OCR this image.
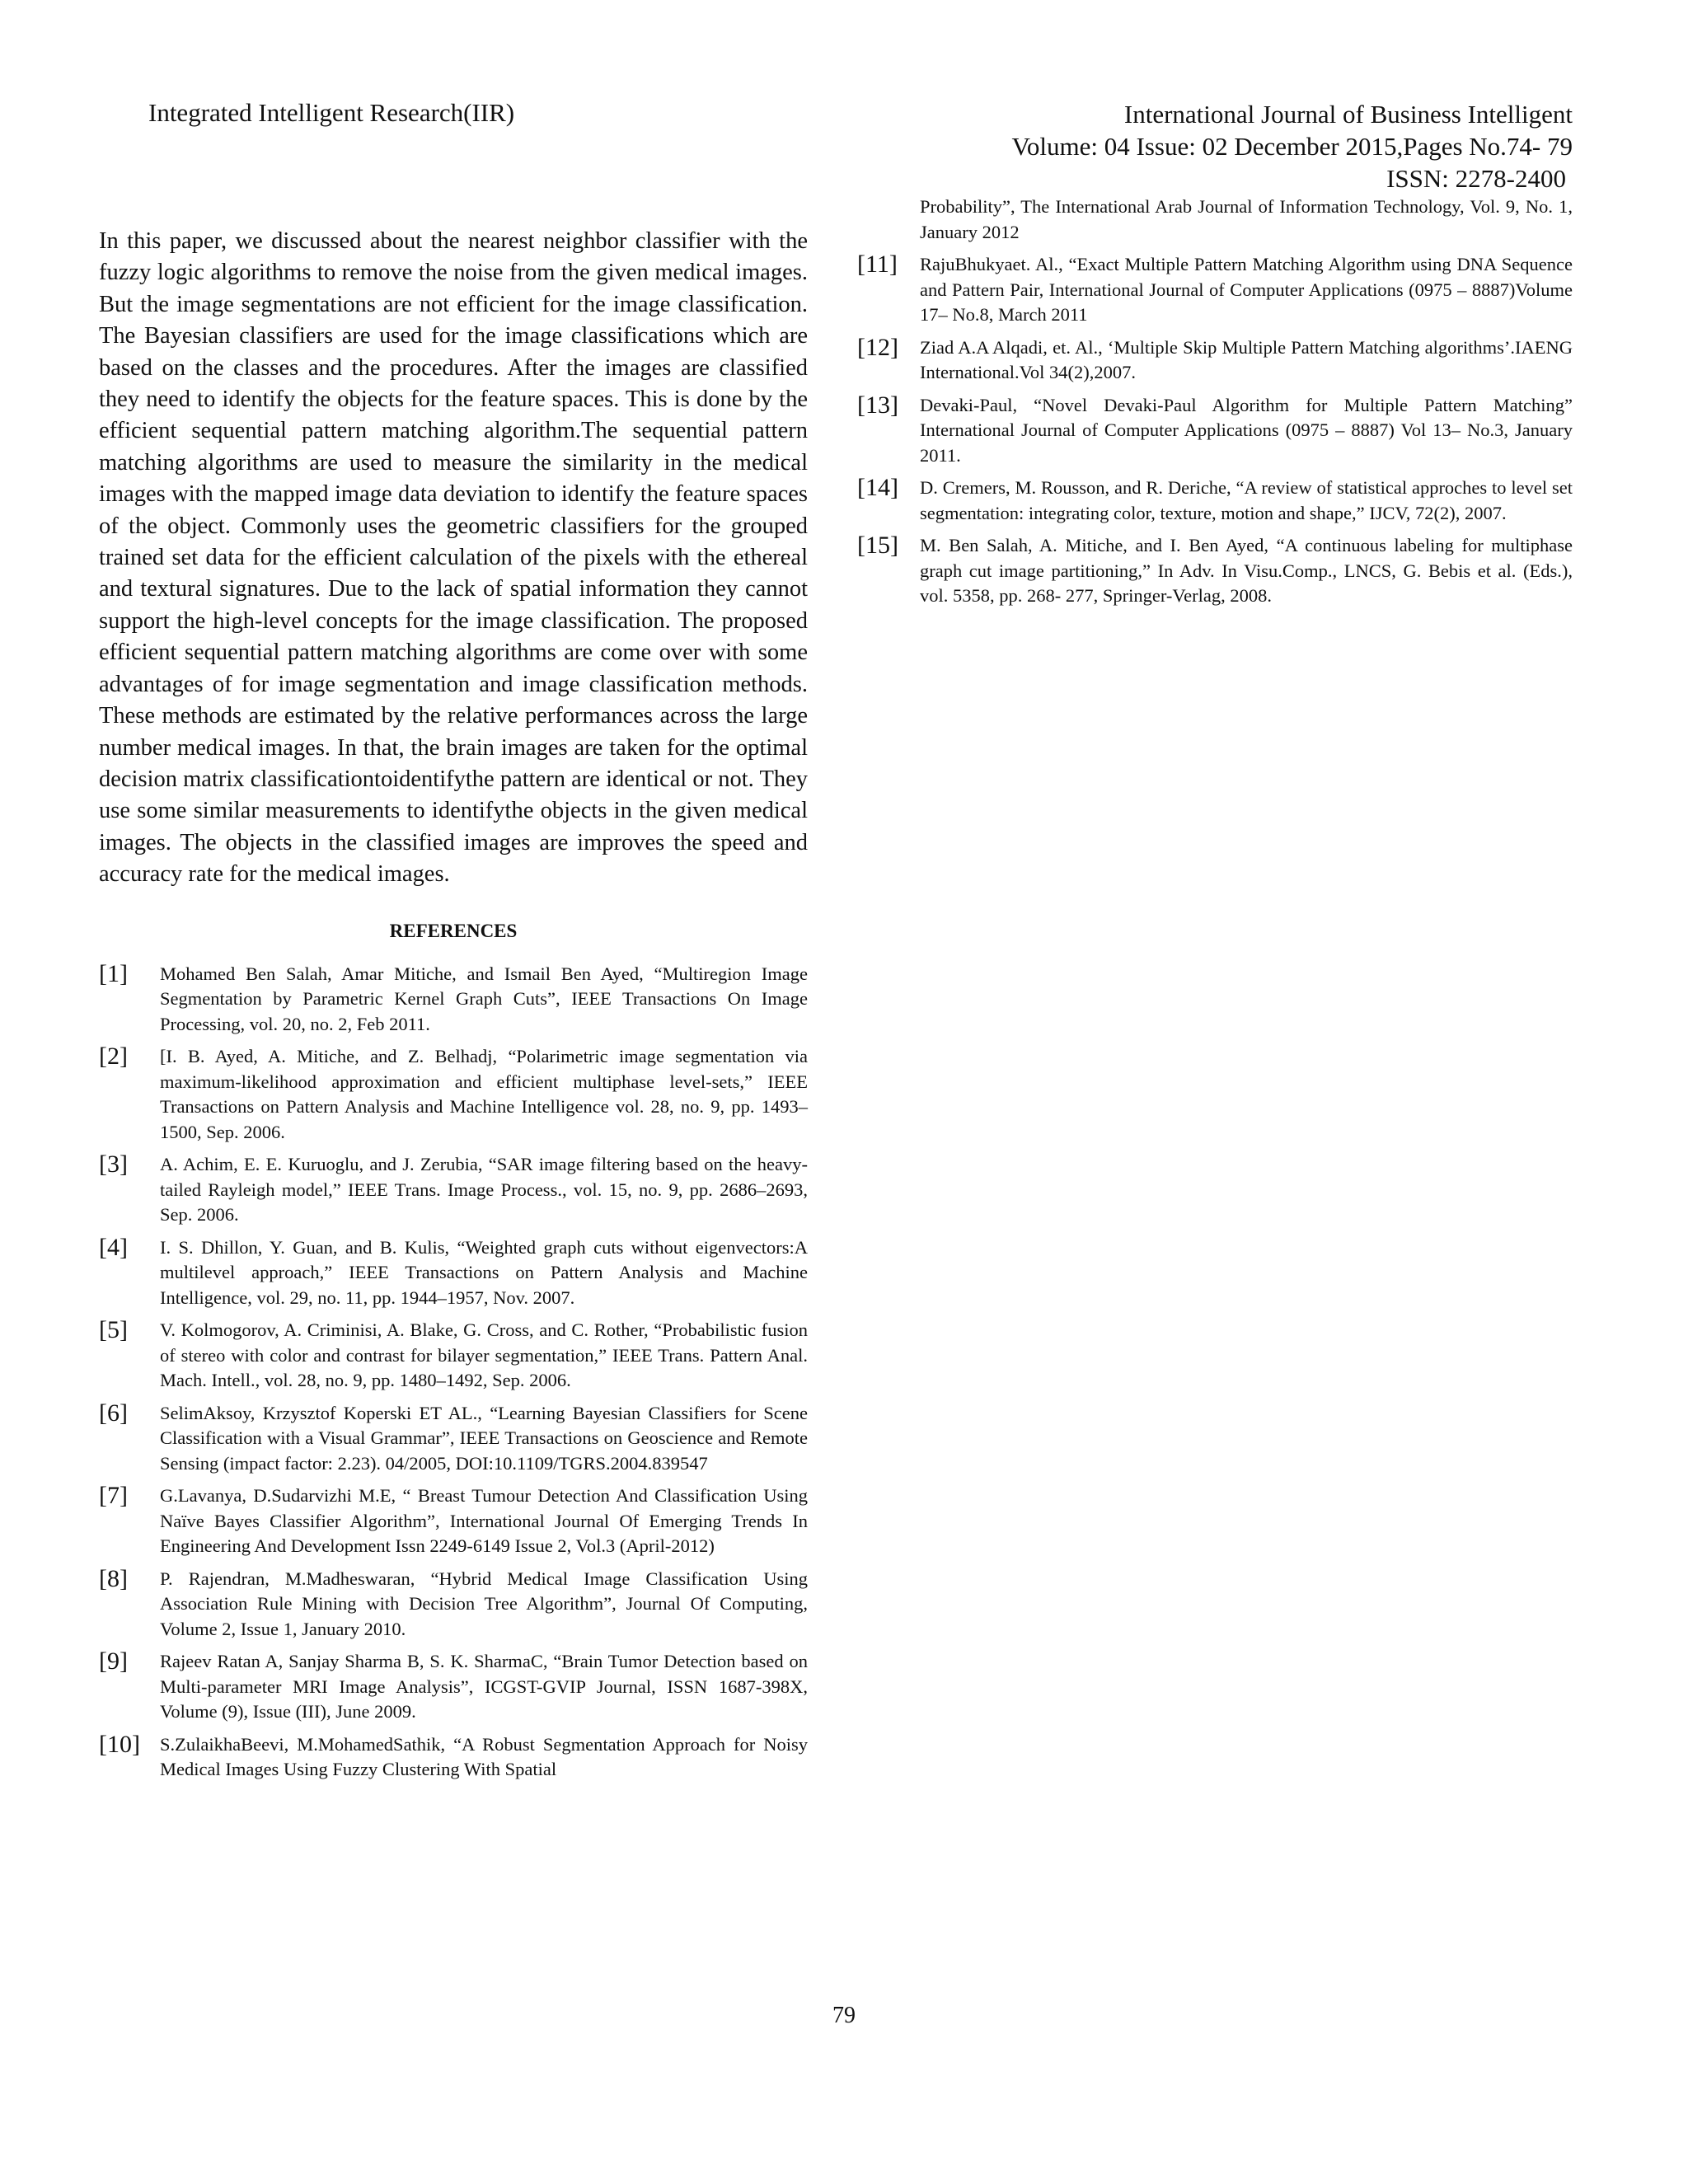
Integrated Intelligent Research(IIR)	International Journal of Business Intelligent
Volume: 04 Issue: 02 December 2015,Pages No.74- 79
ISSN: 2278-2400

In this paper, we discussed about the nearest neighbor classifier with the fuzzy logic algorithms to remove the noise from the given medical images. But the image segmentations are not efficient for the image classification. The Bayesian classifiers are used for the image classifications which are based on the classes and the procedures. After the images are classified they need to identify the objects for the feature spaces. This is done by the efficient sequential pattern matching algorithm.The sequential pattern matching algorithms are used to measure the similarity in the medical images with the mapped image data deviation to identify the feature spaces of the object. Commonly uses the geometric classifiers for the grouped trained set data for the efficient calculation of the pixels with the ethereal and textural signatures. Due to the lack of spatial information they cannot support the high-level concepts for the image classification. The proposed efficient sequential pattern matching algorithms are come over with some advantages of for image segmentation and image classification methods. These methods are estimated by the relative performances across the large number medical images. In that, the brain images are taken for the optimal decision matrix classificationtoidentifythe pattern are identical or not. They use some similar measurements to identifythe objects in the given medical images. The objects in the classified images are improves the speed and accuracy rate for the medical images.

REFERENCES
[1]	Mohamed Ben Salah, Amar Mitiche, and Ismail Ben Ayed, “Multiregion Image Segmentation by Parametric Kernel Graph Cuts”, IEEE Transactions On Image Processing, vol. 20, no. 2, Feb 2011.
[2]	[I. B. Ayed, A. Mitiche, and Z. Belhadj, “Polarimetric image segmentation via maximum-likelihood approximation and efficient multiphase level-sets,” IEEE Transactions on Pattern Analysis and Machine Intelligence vol. 28, no. 9, pp. 1493–1500, Sep. 2006.
[3]	A. Achim, E. E. Kuruoglu, and J. Zerubia, “SAR image filtering based on the heavy-tailed Rayleigh model,” IEEE Trans. Image Process., vol. 15, no. 9, pp. 2686–2693, Sep. 2006.
[4]	I. S. Dhillon, Y. Guan, and B. Kulis, “Weighted graph cuts without eigenvectors:A multilevel approach,” IEEE Transactions on Pattern Analysis and Machine Intelligence, vol. 29, no. 11, pp. 1944–1957, Nov. 2007.
[5]	V. Kolmogorov, A. Criminisi, A. Blake, G. Cross, and C. Rother, “Probabilistic fusion of stereo with color and contrast for bilayer segmentation,” IEEE Trans. Pattern Anal. Mach. Intell., vol. 28, no. 9, pp. 1480–1492, Sep. 2006.
[6]	SelimAksoy, Krzysztof Koperski ET AL., “Learning Bayesian Classifiers for Scene Classification with a Visual Grammar”, IEEE Transactions on Geoscience and Remote Sensing (impact factor: 2.23). 04/2005, DOI:10.1109/TGRS.2004.839547
[7]	G.Lavanya, D.Sudarvizhi M.E, “ Breast Tumour Detection And Classification Using Naïve Bayes Classifier Algorithm”, International Journal Of Emerging Trends In Engineering And Development Issn 2249-6149 Issue 2, Vol.3 (April-2012)
[8]	P. Rajendran, M.Madheswaran, “Hybrid Medical Image Classification Using Association Rule Mining with Decision Tree Algorithm”, Journal Of Computing, Volume 2, Issue 1, January 2010.
[9]	Rajeev Ratan A, Sanjay Sharma B, S. K. SharmaC, “Brain Tumor Detection based on Multi-parameter MRI Image Analysis”, ICGST-GVIP Journal, ISSN 1687-398X, Volume (9), Issue (III), June 2009.
[10]	S.ZulaikhaBeevi, M.MohamedSathik, “A Robust Segmentation Approach for Noisy Medical Images Using Fuzzy Clustering With Spatial
Probability”, The International Arab Journal of Information Technology, Vol. 9, No. 1, January 2012
[11]	RajuBhukyaet. Al., “Exact Multiple Pattern Matching Algorithm using DNA Sequence and Pattern Pair, International Journal of Computer Applications (0975 – 8887)Volume 17– No.8, March 2011
[12]	Ziad A.A Alqadi, et. Al., ‘Multiple Skip Multiple Pattern Matching algorithms’.IAENG International.Vol 34(2),2007.
[13]	Devaki-Paul, “Novel Devaki-Paul Algorithm for Multiple Pattern Matching” International Journal of Computer Applications (0975 – 8887) Vol 13– No.3, January 2011.
[14]	D. Cremers, M. Rousson, and R. Deriche, “A review of statistical approches to level set segmentation: integrating color, texture, motion and shape,” IJCV, 72(2), 2007.
[15]	M. Ben Salah, A. Mitiche, and I. Ben Ayed, “A continuous labeling for multiphase graph cut image partitioning,” In Adv. In Visu.Comp., LNCS, G. Bebis et al. (Eds.), vol. 5358, pp. 268- 277, Springer-Verlag, 2008.
79
